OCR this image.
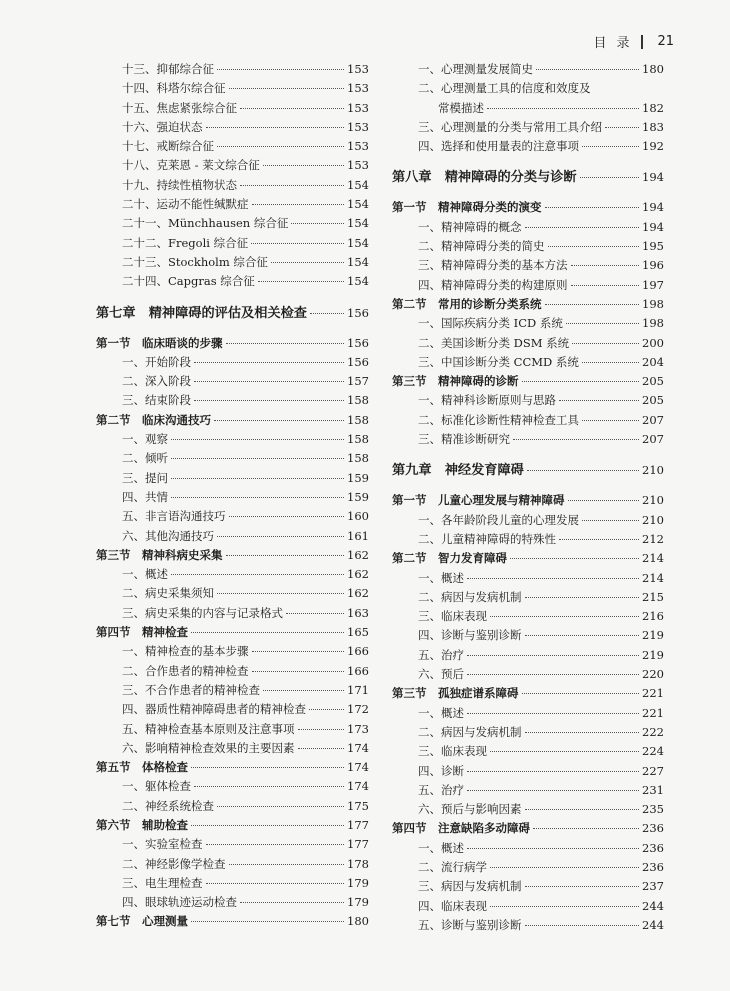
目录 21
十三、抑郁综合征	153
十四、科塔尔综合征	153
十五、焦虑紧张综合征	153
十六、强迫状态	153
十七、戒断综合征	153
十八、克莱恩 - 莱文综合征	153
十九、持续性植物状态	154
二十、运动不能性缄默症	154
二十一、Münchhausen 综合征	154
二十二、Fregoli 综合征	154
二十三、Stockholm 综合征	154
二十四、Capgras 综合征	154
第七章　精神障碍的评估及相关检查	156
第一节　临床晤谈的步骤	156
一、开始阶段	156
二、深入阶段	157
三、结束阶段	158
第二节　临床沟通技巧	158
一、观察	158
二、倾听	158
三、提问	159
四、共情	159
五、非言语沟通技巧	160
六、其他沟通技巧	161
第三节　精神科病史采集	162
一、概述	162
二、病史采集须知	162
三、病史采集的内容与记录格式	163
第四节　精神检查	165
一、精神检查的基本步骤	166
二、合作患者的精神检查	166
三、不合作患者的精神检查	171
四、器质性精神障碍患者的精神检查	172
五、精神检查基本原则及注意事项	173
六、影响精神检查效果的主要因素	174
第五节　体格检查	174
一、躯体检查	174
二、神经系统检查	175
第六节　辅助检查	177
一、实验室检查	177
二、神经影像学检查	178
三、电生理检查	179
四、眼球轨迹运动检查	179
第七节　心理测量	180
一、心理测量发展简史	180
二、心理测量工具的信度和效度及
常模描述	182
三、心理测量的分类与常用工具介绍	183
四、选择和使用量表的注意事项	192
第八章　精神障碍的分类与诊断	194
第一节　精神障碍分类的演变	194
一、精神障碍的概念	194
二、精神障碍分类的简史	195
三、精神障碍分类的基本方法	196
四、精神障碍分类的构建原则	197
第二节　常用的诊断分类系统	198
一、国际疾病分类 ICD 系统	198
二、美国诊断分类 DSM 系统	200
三、中国诊断分类 CCMD 系统	204
第三节　精神障碍的诊断	205
一、精神科诊断原则与思路	205
二、标准化诊断性精神检查工具	207
三、精准诊断研究	207
第九章　神经发育障碍	210
第一节　儿童心理发展与精神障碍	210
一、各年龄阶段儿童的心理发展	210
二、儿童精神障碍的特殊性	212
第二节　智力发育障碍	214
一、概述	214
二、病因与发病机制	215
三、临床表现	216
四、诊断与鉴别诊断	219
五、治疗	219
六、预后	220
第三节　孤独症谱系障碍	221
一、概述	221
二、病因与发病机制	222
三、临床表现	224
四、诊断	227
五、治疗	231
六、预后与影响因素	235
第四节　注意缺陷多动障碍	236
一、概述	236
二、流行病学	236
三、病因与发病机制	237
四、临床表现	244
五、诊断与鉴别诊断	244
